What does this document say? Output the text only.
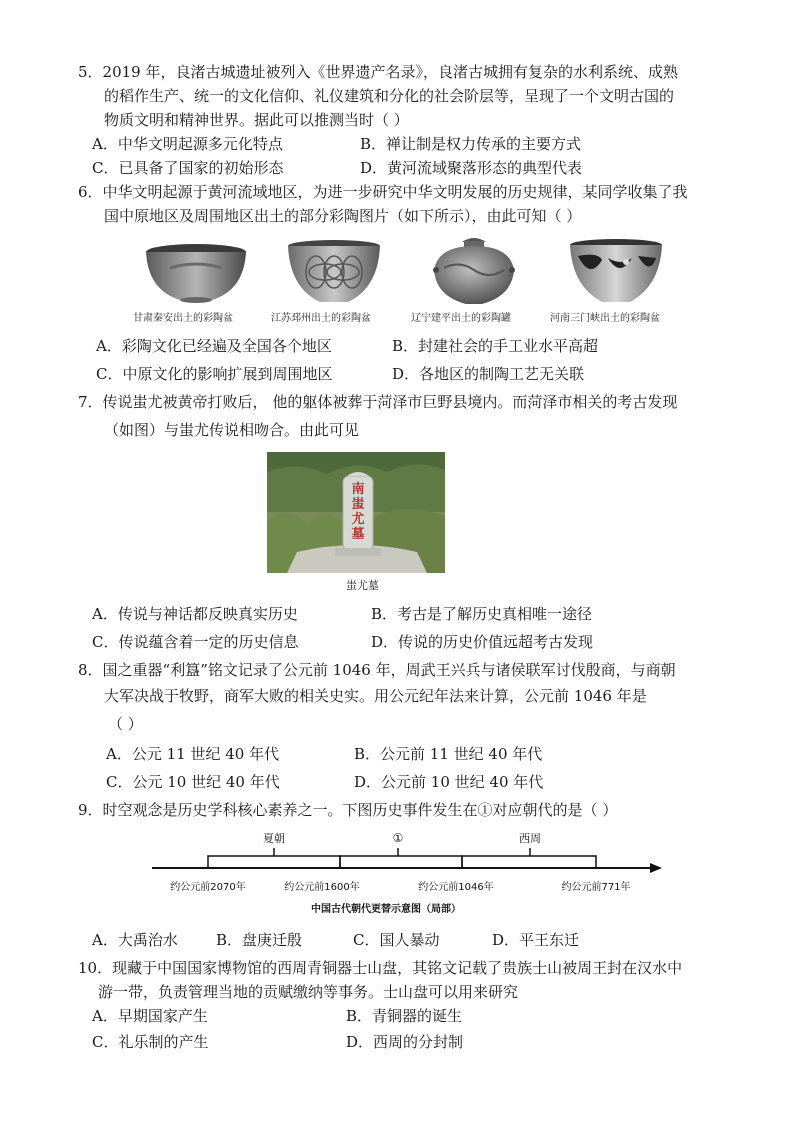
5．2019 年，良渚古城遗址被列入《世界遗产名录》，良渚古城拥有复杂的水利系统、成熟
的稻作生产、统一的文化信仰、礼仪建筑和分化的社会阶层等，呈现了一个文明古国的
物质文明和精神世界。据此可以推测当时（ ）
A．中华文明起源多元化特点	B．禅让制是权力传承的主要方式
C．已具备了国家的初始形态	D．黄河流域聚落形态的典型代表
6．中华文明起源于黄河流域地区，为进一步研究中华文明发展的历史规律，某同学收集了我
国中原地区及周围地区出土的部分彩陶图片（如下所示），由此可知（ ）
甘肃秦安出土的彩陶盆	江苏邳州出土的彩陶盆	辽宁建平出土的彩陶罐	河南三门峡出土的彩陶盆
A．彩陶文化已经遍及全国各个地区	B．封建社会的手工业水平高超
C．中原文化的影响扩展到周围地区	D．各地区的制陶工艺无关联
7．传说蚩尤被黄帝打败后， 他的躯体被葬于菏泽市巨野县境内。而菏泽市相关的考古发现
（如图）与蚩尤传说相吻合。由此可见
南蚩尤墓
蚩尤墓
A．传说与神话都反映真实历史	B．考古是了解历史真相唯一途径
C．传说蕴含着一定的历史信息	D．传说的历史价值远超考古发现
8．国之重器“利簋”铭文记录了公元前 1046 年，周武王兴兵与诸侯联军讨伐殷商，与商朝
大军决战于牧野，商军大败的相关史实。用公元纪年法来计算，公元前 1046 年是
（ ）
A．公元 11 世纪 40 年代	B．公元前 11 世纪 40 年代
C．公元 10 世纪 40 年代	D．公元前 10 世纪 40 年代
9．时空观念是历史学科核心素养之一。下图历史事件发生在①对应朝代的是（ ）
夏朝	①	西周
约公元前2070年	约公元前1600年	约公元前1046年	约公元前771年
中国古代朝代更替示意图（局部）
A．大禹治水	B．盘庚迁殷	C．国人暴动	D．平王东迁
10．现藏于中国国家博物馆的西周青铜器士山盘，其铭文记载了贵族士山被周王封在汉水中
游一带，负责管理当地的贡赋缴纳等事务。士山盘可以用来研究
A．早期国家产生	B．青铜器的诞生
C．礼乐制的产生	D．西周的分封制
